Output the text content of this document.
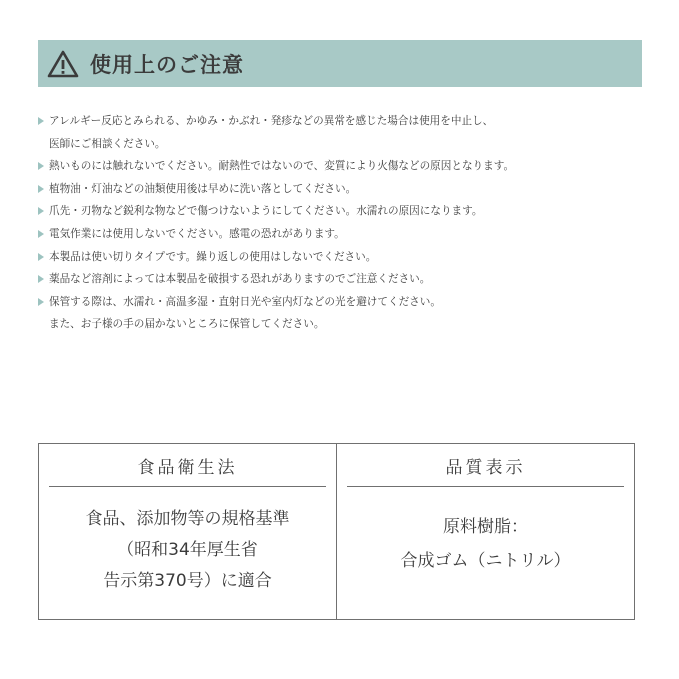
使用上のご注意
アレルギー反応とみられる、かゆみ・かぶれ・発疹などの異常を感じた場合は使用を中止し、
医師にご相談ください。
熱いものには触れないでください。耐熱性ではないので、変質により火傷などの原因となります。
植物油・灯油などの油類使用後は早めに洗い落としてください。
爪先・刃物など鋭利な物などで傷つけないようにしてください。水濡れの原因になります。
電気作業には使用しないでください。感電の恐れがあります。
本製品は使い切りタイプです。繰り返しの使用はしないでください。
薬品など溶剤によっては本製品を破損する恐れがありますのでご注意ください。
保管する際は、水濡れ・高温多湿・直射日光や室内灯などの光を避けてください。
また、お子様の手の届かないところに保管してください。
食品衛生法
食品、添加物等の規格基準
（昭和34年厚生省
告示第370号）に適合
品質表示
原料樹脂：
合成ゴム（ニトリル）
